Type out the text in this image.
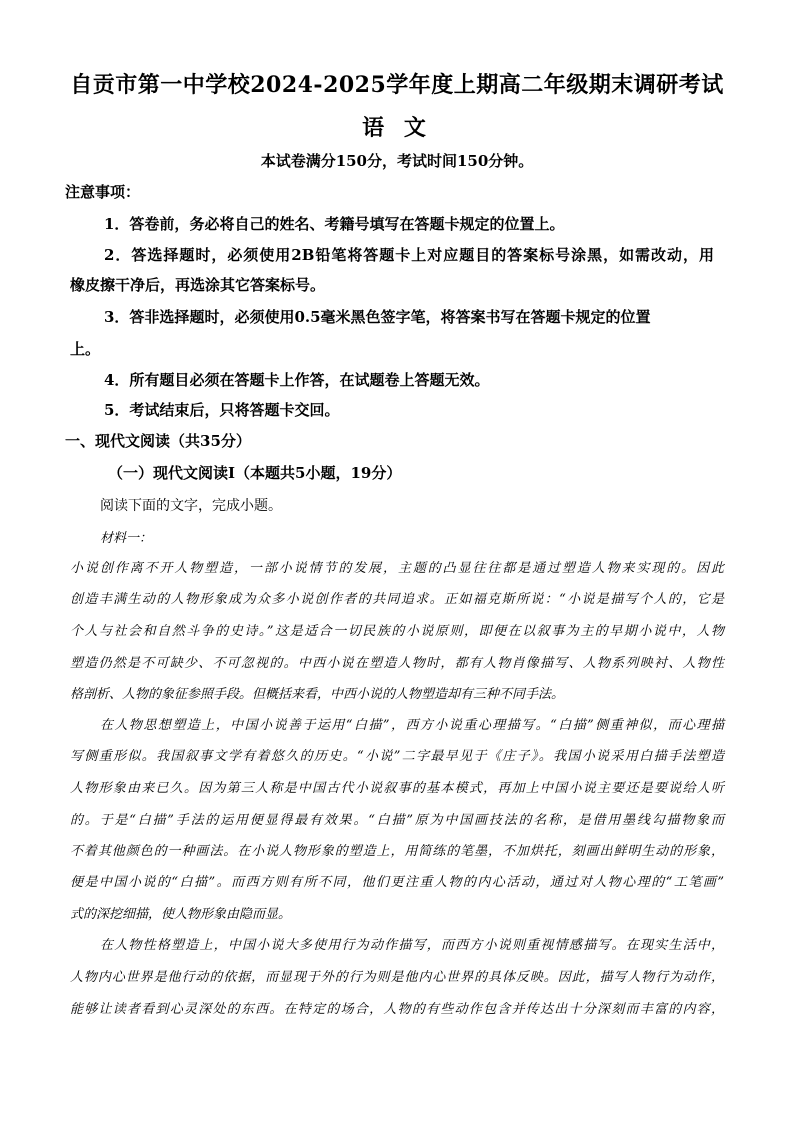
自贡市第一中学校2024-2025学年度上期高二年级期末调研考试
语 文
本试卷满分150分，考试时间150分钟。
注意事项：
1．答卷前，务必将自己的姓名、考籍号填写在答题卡规定的位置上。
2．答选择题时，必须使用2B铅笔将答题卡上对应题目的答案标号涂黑，如需改动，用
橡皮擦干净后，再选涂其它答案标号。
3．答非选择题时，必须使用0.5毫米黑色签字笔，将答案书写在答题卡规定的位置
上。
4．所有题目必须在答题卡上作答，在试题卷上答题无效。
5．考试结束后，只将答题卡交回。
一、现代文阅读（共35分）
（一）现代文阅读Ⅰ（本题共5小题，19分）
阅读下面的文字，完成小题。
材料一：
小说创作离不开人物塑造，一部小说情节的发展，主题的凸显往往都是通过塑造人物来实现的。因此
创造丰满生动的人物形象成为众多小说创作者的共同追求。正如福克斯所说：“小说是描写个人的，它是
个人与社会和自然斗争的史诗。”这是适合一切民族的小说原则，即便在以叙事为主的早期小说中，人物
塑造仍然是不可缺少、不可忽视的。中西小说在塑造人物时，都有人物肖像描写、人物系列映衬、人物性
格剖析、人物的象征参照手段。但概括来看，中西小说的人物塑造却有三种不同手法。
在人物思想塑造上，中国小说善于运用“白描”，西方小说重心理描写。“白描”侧重神似，而心理描
写侧重形似。我国叙事文学有着悠久的历史。“小说”二字最早见于《庄子》。我国小说采用白描手法塑造
人物形象由来已久。因为第三人称是中国古代小说叙事的基本模式，再加上中国小说主要还是要说给人听
的。于是“白描”手法的运用便显得最有效果。“白描”原为中国画技法的名称，是借用墨线勾描物象而
不着其他颜色的一种画法。在小说人物形象的塑造上，用简练的笔墨，不加烘托，刻画出鲜明生动的形象，
便是中国小说的“白描”。而西方则有所不同，他们更注重人物的内心活动，通过对人物心理的“工笔画”
式的深挖细描，使人物形象由隐而显。
在人物性格塑造上，中国小说大多使用行为动作描写，而西方小说则重视情感描写。在现实生活中，
人物内心世界是他行动的依据，而显现于外的行为则是他内心世界的具体反映。因此，描写人物行为动作，
能够让读者看到心灵深处的东西。在特定的场合，人物的有些动作包含并传达出十分深刻而丰富的内容，
